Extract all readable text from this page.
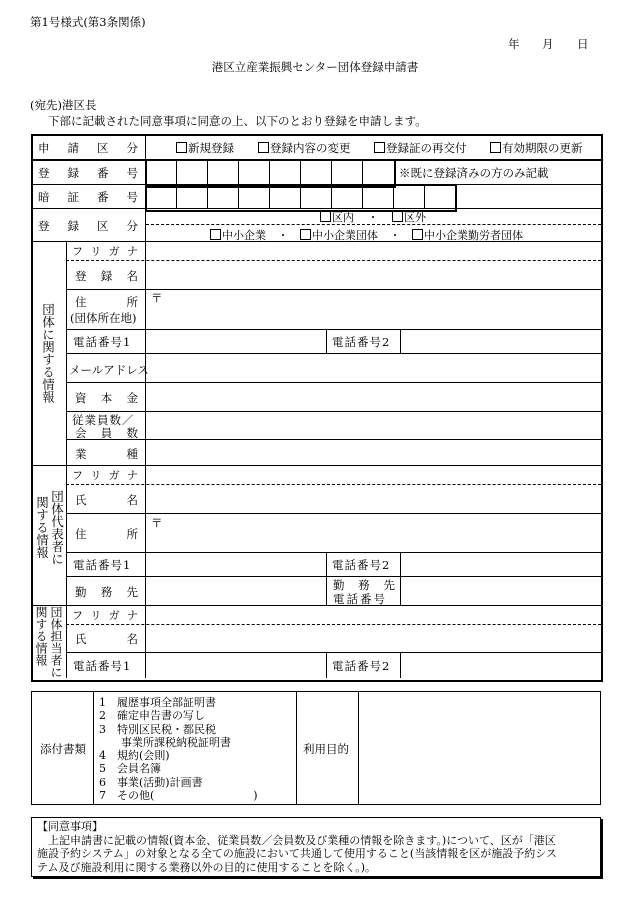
第1号様式(第3条関係)
年 月 日
港区立産業振興センター団体登録申請書
(宛先)港区長
下部に記載された同意事項に同意の上、以下のとおり登録を申請します。
申 請 区 分	新規登録	登録内容の変更	登録証の再交付	有効期限の更新
登 録 番 号	※既に登録済みの方のみ記載
暗 証 番 号
登 録 区 分
区内 ・ 区外
中小企業 ・ 中小企業団体 ・ 中小企業勤労者団体
団体に関する情報
フ リ ガ ナ
登 録 名
住	所
(団体所在地)
〒
電話番号1	電話番号2
メールアドレス
資 本 金
従業員数／
会 員 数
業	種
関する情報 団体代表者に
フ リ ガ ナ
氏	名
住	所
〒
電話番号1	電話番号2
勤 務 先	勤 務 先
電話番号
関する情報 団体担当者に フ リ ガ ナ
氏	名
電話番号1	電話番号2
添付書類
1　履歴事項全部証明書
2　確定申告書の写し
3　特別区民税・都民税
　　事業所課税納税証明書
4　規約(会則)
5　会員名簿
6　事業(活動)計画書
7　その他(　　　　　　　　　)
利用目的
【同意事項】
　上記申請書に記載の情報(資本金、従業員数／会員数及び業種の情報を除きます。)について、区が「港区
施設予約システム」の対象となる全ての施設において共通して使用すること(当該情報を区が施設予約シス
テム及び施設利用に関する業務以外の目的に使用することを除く。)。
